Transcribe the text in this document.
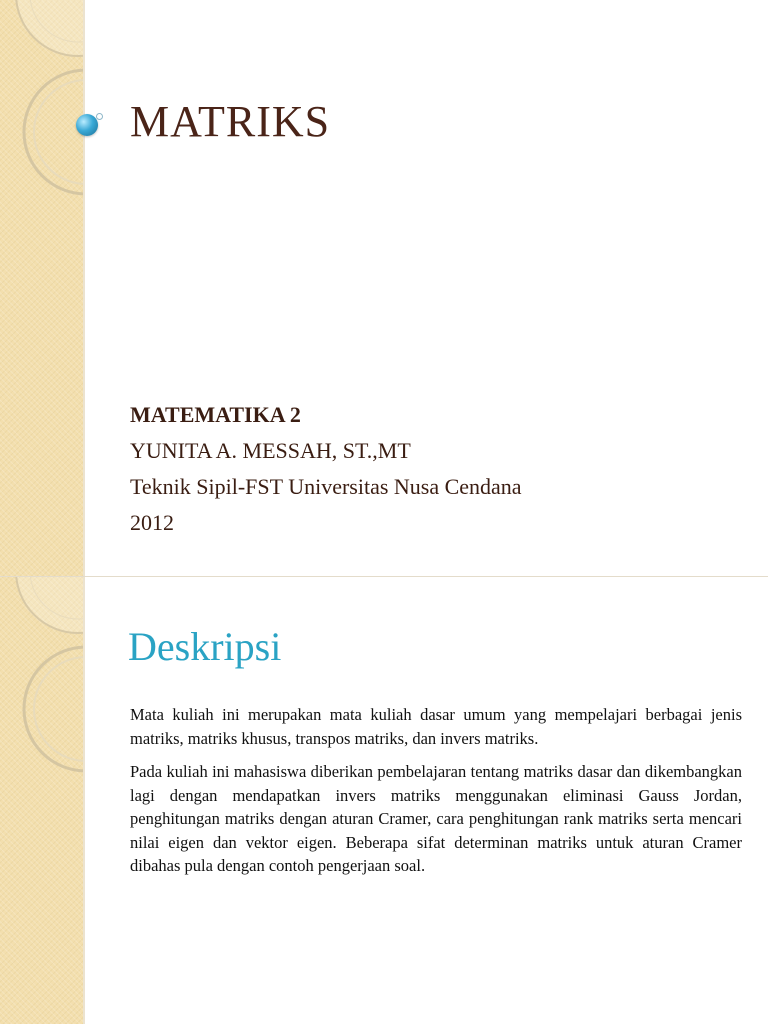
MATRIKS

MATEMATIKA 2

YUNITA A. MESSAH, ST.,MT

Teknik Sipil-FST Universitas Nusa Cendana

2012

Deskripsi

Mata kuliah ini merupakan mata kuliah dasar umum yang mempelajari berbagai jenis matriks, matriks khusus, transpos matriks, dan invers matriks.

Pada kuliah ini mahasiswa diberikan pembelajaran tentang matriks dasar dan dikembangkan lagi dengan mendapatkan invers matriks menggunakan eliminasi Gauss Jordan, penghitungan matriks dengan aturan Cramer, cara penghitungan rank matriks serta mencari nilai eigen dan vektor eigen. Beberapa sifat determinan matriks untuk aturan Cramer dibahas pula dengan contoh pengerjaan soal.
